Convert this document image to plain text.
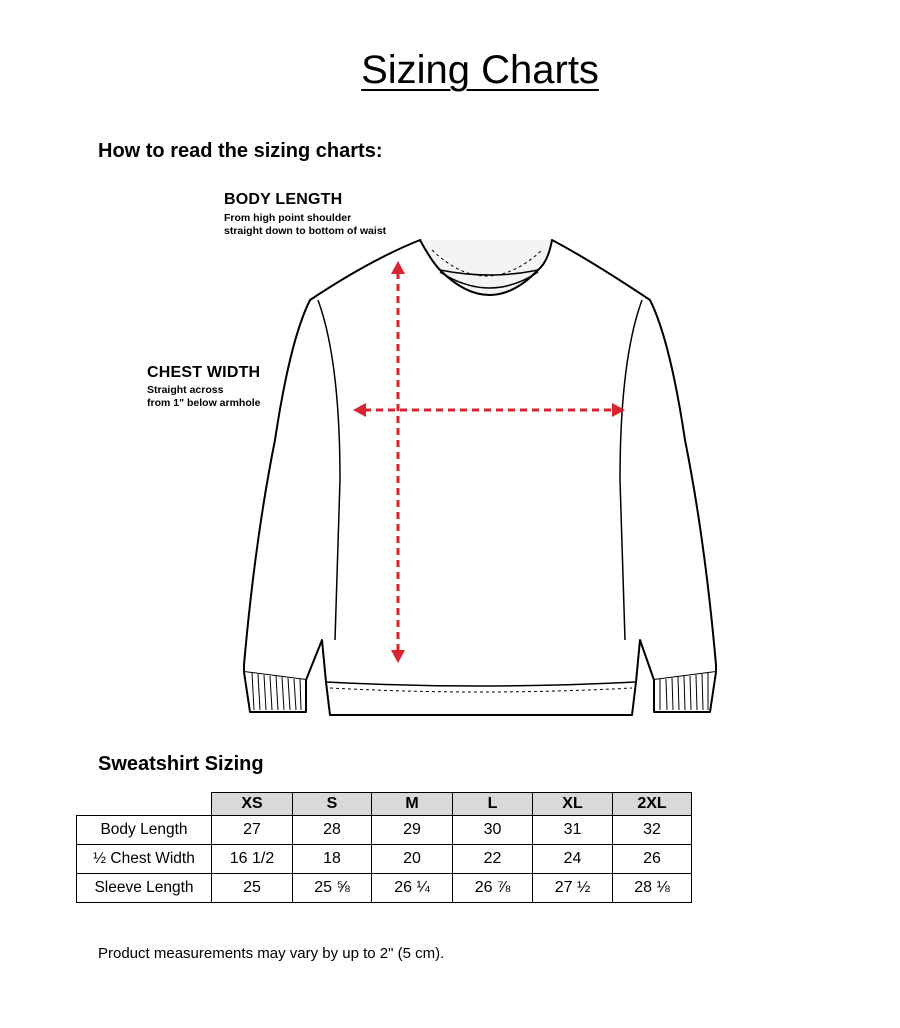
Sizing Charts
How to read the sizing charts:
BODY LENGTH
From high point shoulder
straight down to bottom of waist
CHEST WIDTH
Straight across
from 1" below armhole
Sweatshirt Sizing
	XS	S	M	L	XL	2XL
Body Length	27	28	29	30	31	32
½ Chest Width	16 1/2	18	20	22	24	26
Sleeve Length	25	25 ⅝	26 ¼	26 ⅞	27 ½	28 ⅛
Product measurements may vary by up to 2" (5 cm).
